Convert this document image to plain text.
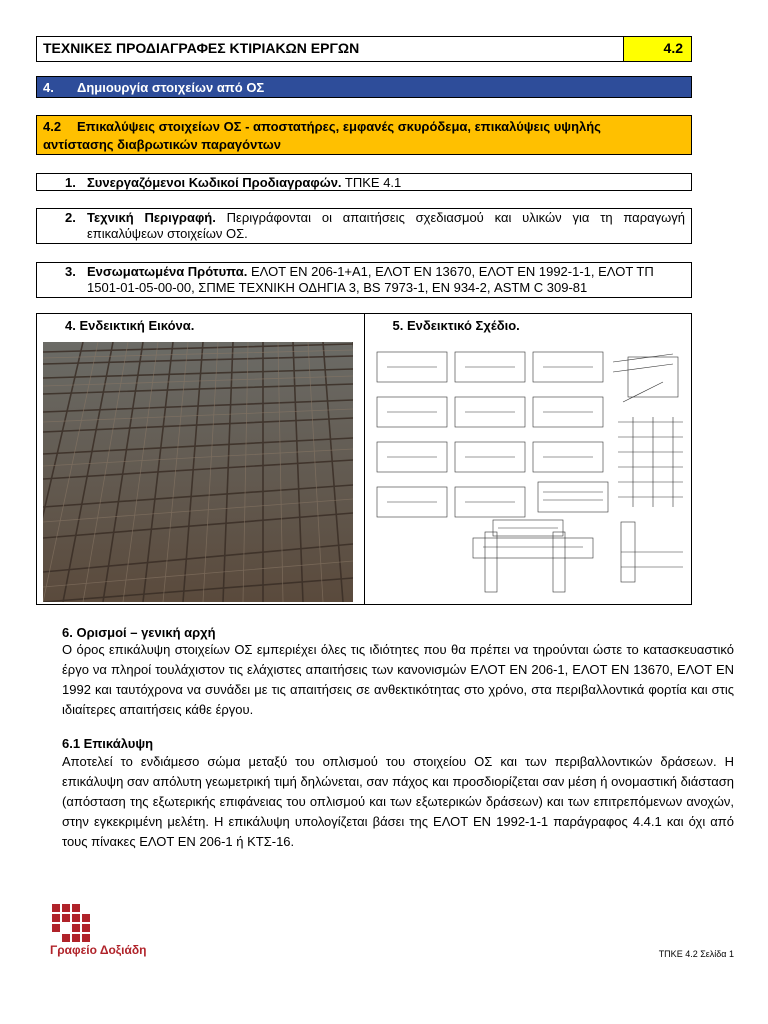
ΤΕΧΝΙΚΕΣ ΠΡΟΔΙΑΓΡΑΦΕΣ ΚΤΙΡΙΑΚΩΝ ΕΡΓΩΝ	4.2
4.	Δημιουργία στοιχείων από ΟΣ
4.2	Επικαλύψεις στοιχείων ΟΣ - αποστατήρες, εμφανές σκυρόδεμα, επικαλύψεις υψηλής
αντίστασης διαβρωτικών παραγόντων
1. Συνεργαζόμενοι Κωδικοί Προδιαγραφών. ΤΠΚΕ 4.1
2. Τεχνική Περιγραφή. Περιγράφονται οι απαιτήσεις σχεδιασμού και υλικών για τη παραγωγή επικαλύψεων στοιχείων ΟΣ.
3. Ενσωματωμένα Πρότυπα. ΕΛΟΤ ΕΝ 206-1+Α1, ΕΛΟΤ ΕΝ 13670, ΕΛΟΤ ΕΝ 1992-1-1, ΕΛΟΤ ΤΠ 1501-01-05-00-00, ΣΠΜΕ ΤΕΧΝΙΚΗ ΟΔΗΓΙΑ 3, BS 7973-1, ΕΝ 934-2, ASTM C 309-81
4. Ενδεικτική Εικόνα.	5. Ενδεικτικό Σχέδιο.
6. Ορισμοί – γενική αρχή
Ο όρος επικάλυψη στοιχείων ΟΣ εμπεριέχει όλες τις ιδιότητες που θα πρέπει να τηρούνται ώστε το κατασκευαστικό έργο να πληροί τουλάχιστον τις ελάχιστες απαιτήσεις των κανονισμών ΕΛΟΤ ΕΝ 206-1, ΕΛΟΤ ΕΝ 13670, ΕΛΟΤ ΕΝ 1992 και ταυτόχρονα να συνάδει με τις απαιτήσεις σε ανθεκτικότητας στο χρόνο, στα περιβαλλοντικά φορτία και στις ιδιαίτερες απαιτήσεις κάθε έργου.
6.1 Επικάλυψη
Αποτελεί το ενδιάμεσο σώμα μεταξύ του οπλισμού του στοιχείου ΟΣ και των περιβαλλοντικών δράσεων. Η επικάλυψη σαν απόλυτη γεωμετρική τιμή δηλώνεται, σαν πάχος και προσδιορίζεται σαν μέση ή ονομαστική διάσταση (απόσταση της εξωτερικής επιφάνειας του οπλισμού και των εξωτερικών δράσεων) και των επιτρεπόμενων ανοχών, στην εγκεκριμένη μελέτη. Η επικάλυψη υπολογίζεται βάσει της ΕΛΟΤ ΕΝ 1992-1-1 παράγραφος 4.4.1 και όχι από τους πίνακες ΕΛΟΤ ΕΝ 206-1 ή ΚΤΣ-16.
Γραφείο Δοξιάδη	ΤΠΚΕ 4.2 Σελίδα 1
